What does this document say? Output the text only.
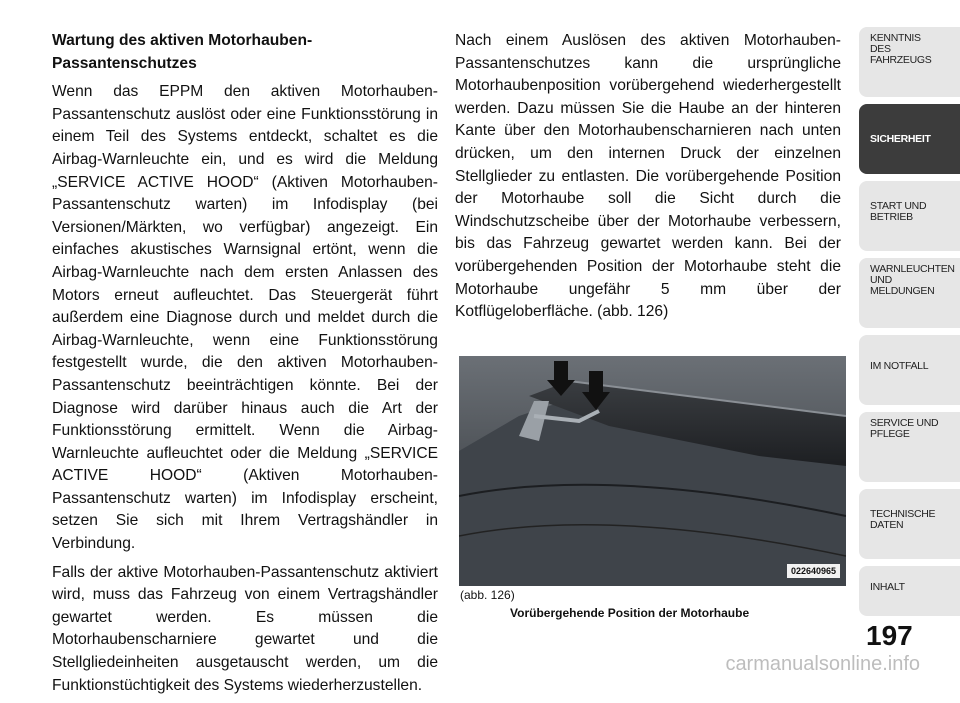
Wartung des aktiven Motorhauben-Passantenschutzes

Wenn das EPPM den aktiven Motorhauben-Passantenschutz auslöst oder eine Funktionsstörung in einem Teil des Systems entdeckt, schaltet es die Airbag-Warnleuchte ein, und es wird die Meldung „SERVICE ACTIVE HOOD“ (Aktiven Motorhauben-Passantenschutz warten) im Infodisplay (bei Versionen/Märkten, wo verfügbar) angezeigt. Ein einfaches akustisches Warnsignal ertönt, wenn die Airbag-Warnleuchte nach dem ersten Anlassen des Motors erneut aufleuchtet. Das Steuergerät führt außerdem eine Diagnose durch und meldet durch die Airbag-Warnleuchte, wenn eine Funktionsstörung festgestellt wurde, die den aktiven Motorhauben-Passantenschutz beeinträchtigen könnte. Bei der Diagnose wird darüber hinaus auch die Art der Funktionsstörung ermittelt. Wenn die Airbag-Warnleuchte aufleuchtet oder die Meldung „SERVICE ACTIVE HOOD“ (Aktiven Motorhauben-Passantenschutz warten) im Infodisplay erscheint, setzen Sie sich mit Ihrem Vertragshändler in Verbindung.

Falls der aktive Motorhauben-Passantenschutz aktiviert wird, muss das Fahrzeug von einem Vertragshändler gewartet werden. Es müssen die Motorhaubenscharniere gewartet und die Stellgliedeinheiten ausgetauscht werden, um die Funktionstüchtigkeit des Systems wiederherzustellen.

Nach einem Auslösen des aktiven Motorhauben-Passantenschutzes kann die ursprüngliche Motorhaubenposition vorübergehend wiederhergestellt werden. Dazu müssen Sie die Haube an der hinteren Kante über den Motorhaubenscharnieren nach unten drücken, um den internen Druck der einzelnen Stellglieder zu entlasten. Die vorübergehende Position der Motorhaube soll die Sicht durch die Windschutzscheibe über der Motorhaube verbessern, bis das Fahrzeug gewartet werden kann. Bei der vorübergehenden Position der Motorhaube steht die Motorhaube ungefähr 5 mm über der Kotflügeloberfläche. (abb. 126)

022640965
(abb. 126)
Vorübergehende Position der Motorhaube
KENNTNIS DES FAHRZEUGS
SICHERHEIT
START UND BETRIEB
WARNLEUCHTEN UND MELDUNGEN
IM NOTFALL
SERVICE UND PFLEGE
TECHNISCHE DATEN
INHALT
197
carmanualsonline.info
